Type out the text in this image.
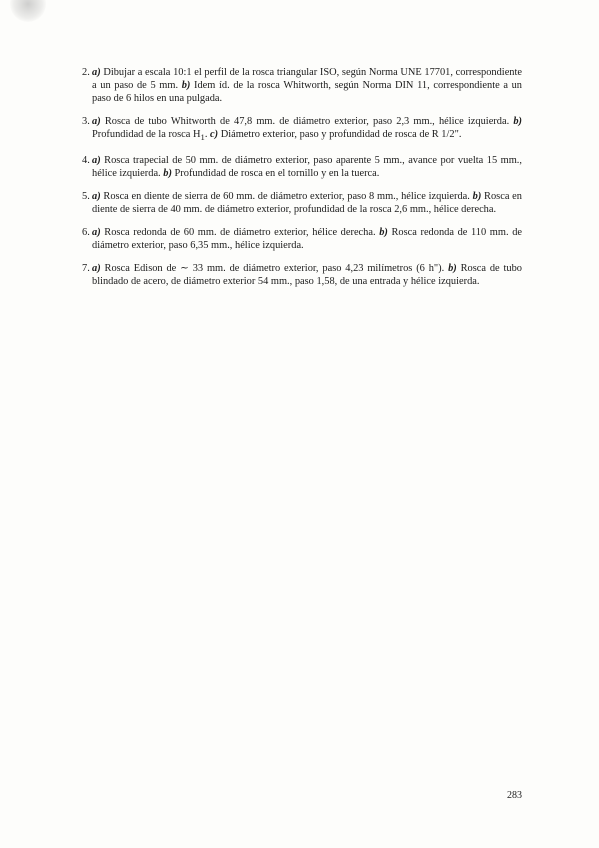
2. a) Dibujar a escala 10:1 el perfil de la rosca triangular ISO, según Norma UNE 17701, correspondiente a un paso de 5 mm. b) Idem íd. de la rosca Whitworth, según Norma DIN 11, correspondiente a un paso de 6 hilos en una pulgada.
3. a) Rosca de tubo Whitworth de 47,8 mm. de diámetro exterior, paso 2,3 mm., hélice izquierda. b) Profundidad de la rosca $H_1$. c) Diámetro exterior, paso y profundidad de rosca de R 1/2".
4. a) Rosca trapecial de 50 mm. de diámetro exterior, paso aparente 5 mm., avance por vuelta 15 mm., hélice izquierda. b) Profundidad de rosca en el tornillo y en la tuerca.
5. a) Rosca en diente de sierra de 60 mm. de diámetro exterior, paso 8 mm., hélice izquierda. b) Rosca en diente de sierra de 40 mm. de diámetro exterior, profundidad de la rosca 2,6 mm., hélice derecha.
6. a) Rosca redonda de 60 mm. de diámetro exterior, hélice derecha. b) Rosca redonda de 110 mm. de diámetro exterior, paso 6,35 mm., hélice izquierda.
7. a) Rosca Edison de ∼ 33 mm. de diámetro exterior, paso 4,23 milímetros (6 h"). b) Rosca de tubo blindado de acero, de diámetro exterior 54 mm., paso 1,58, de una entrada y hélice izquierda.
283
